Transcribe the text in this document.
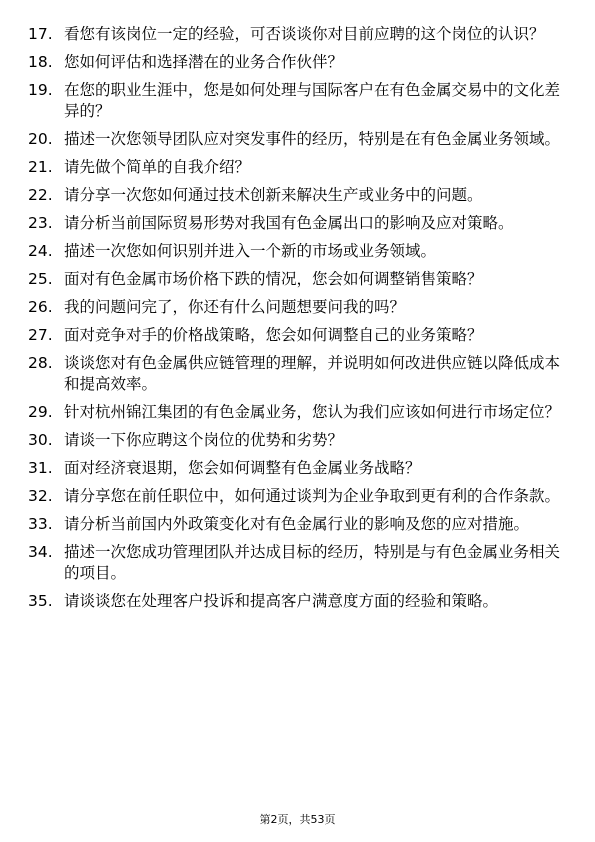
17. 看您有该岗位一定的经验，可否谈谈你对目前应聘的这个岗位的认识？
18. 您如何评估和选择潜在的业务合作伙伴？
19. 在您的职业生涯中，您是如何处理与国际客户在有色金属交易中的文化差异的？
20. 描述一次您领导团队应对突发事件的经历，特别是在有色金属业务领域。
21. 请先做个简单的自我介绍？
22. 请分享一次您如何通过技术创新来解决生产或业务中的问题。
23. 请分析当前国际贸易形势对我国有色金属出口的影响及应对策略。
24. 描述一次您如何识别并进入一个新的市场或业务领域。
25. 面对有色金属市场价格下跌的情况，您会如何调整销售策略？
26. 我的问题问完了，你还有什么问题想要问我的吗？
27. 面对竞争对手的价格战策略，您会如何调整自己的业务策略？
28. 谈谈您对有色金属供应链管理的理解，并说明如何改进供应链以降低成本和提高效率。
29. 针对杭州锦江集团的有色金属业务，您认为我们应该如何进行市场定位？
30. 请谈一下你应聘这个岗位的优势和劣势？
31. 面对经济衰退期，您会如何调整有色金属业务战略？
32. 请分享您在前任职位中，如何通过谈判为企业争取到更有利的合作条款。
33. 请分析当前国内外政策变化对有色金属行业的影响及您的应对措施。
34. 描述一次您成功管理团队并达成目标的经历，特别是与有色金属业务相关的项目。
35. 请谈谈您在处理客户投诉和提高客户满意度方面的经验和策略。
第2页，共53页
